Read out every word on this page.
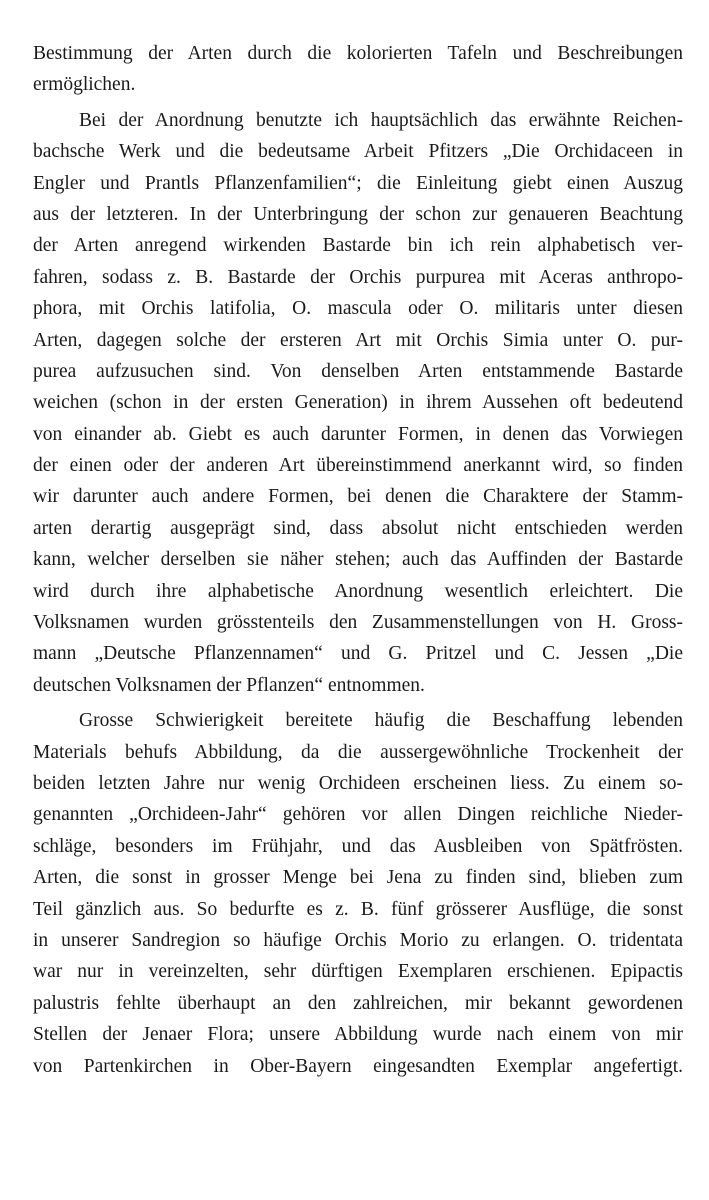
Bestimmung der Arten durch die kolorierten Tafeln und Beschreibungen
ermöglichen.
Bei der Anordnung benutzte ich hauptsächlich das erwähnte Reichen-
bachsche Werk und die bedeutsame Arbeit Pfitzers „Die Orchidaceen in
Engler und Prantls Pflanzenfamilien“; die Einleitung giebt einen Auszug
aus der letzteren. In der Unterbringung der schon zur genaueren Beachtung
der Arten anregend wirkenden Bastarde bin ich rein alphabetisch ver-
fahren, sodass z. B. Bastarde der Orchis purpurea mit Aceras anthropo-
phora, mit Orchis latifolia, O. mascula oder O. militaris unter diesen
Arten, dagegen solche der ersteren Art mit Orchis Simia unter O. pur-
purea aufzusuchen sind. Von denselben Arten entstammende Bastarde
weichen (schon in der ersten Generation) in ihrem Aussehen oft bedeutend
von einander ab. Giebt es auch darunter Formen, in denen das Vorwiegen
der einen oder der anderen Art übereinstimmend anerkannt wird, so finden
wir darunter auch andere Formen, bei denen die Charaktere der Stamm-
arten derartig ausgeprägt sind, dass absolut nicht entschieden werden
kann, welcher derselben sie näher stehen; auch das Auffinden der Bastarde
wird durch ihre alphabetische Anordnung wesentlich erleichtert. Die
Volksnamen wurden grösstenteils den Zusammenstellungen von H. Gross-
mann „Deutsche Pflanzennamen“ und G. Pritzel und C. Jessen „Die
deutschen Volksnamen der Pflanzen“ entnommen.
Grosse Schwierigkeit bereitete häufig die Beschaffung lebenden
Materials behufs Abbildung, da die aussergewöhnliche Trockenheit der
beiden letzten Jahre nur wenig Orchideen erscheinen liess. Zu einem so-
genannten „Orchideen-Jahr“ gehören vor allen Dingen reichliche Nieder-
schläge, besonders im Frühjahr, und das Ausbleiben von Spätfrösten.
Arten, die sonst in grosser Menge bei Jena zu finden sind, blieben zum
Teil gänzlich aus. So bedurfte es z. B. fünf grösserer Ausflüge, die sonst
in unserer Sandregion so häufige Orchis Morio zu erlangen. O. tridentata
war nur in vereinzelten, sehr dürftigen Exemplaren erschienen. Epipactis
palustris fehlte überhaupt an den zahlreichen, mir bekannt gewordenen
Stellen der Jenaer Flora; unsere Abbildung wurde nach einem von mir
von Partenkirchen in Ober-Bayern eingesandten Exemplar angefertigt.
